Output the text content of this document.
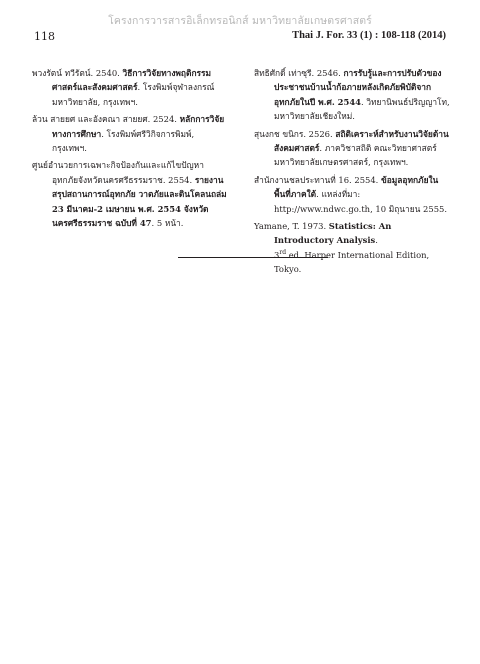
โครงการวารสารอิเล็กทรอนิกส์ มหาวิทยาลัยเกษตรศาสตร์
118	Thai J. For. 33 (1) : 108-118 (2014)

พวงรัตน์ ทวีรัตน์. 2540. วิธีการวิจัยทางพฤติกรรมศาสตร์และสังคมศาสตร์. โรงพิมพ์จุฬาลงกรณ์มหาวิทยาลัย, กรุงเทพฯ.

ล้วน สายยศ และอังคณา สายยศ. 2524. หลักการวิจัยทางการศึกษา. โรงพิมพ์ศรีวิกิจการพิมพ์, กรุงเทพฯ.

ศูนย์อำนวยการเฉพาะกิจป้องกันและแก้ไขปัญหาอุทกภัยจังหวัดนครศรีธรรมราช. 2554. รายงานสรุปสถานการณ์อุทกภัย วาตภัยและดินโคลนถล่ม 23 มีนาคม-2 เมษายน พ.ศ. 2554 จังหวัดนครศรีธรรมราช ฉบับที่ 47. 5 หน้า.

สิทธิศักดิ์ เท่าซุรี. 2546. การรับรู้และการปรับตัวของประชาชนบ้านน้ำก้อภายหลังเกิดภัยพิบัติจากอุทกภัยในปี พ.ศ. 2544. วิทยานิพนธ์ปริญญาโท, มหาวิทยาลัยเชียงใหม่.

สุนงกช ขนิกร. 2526. สถิติเคราะห์สำหรับงานวิจัยด้านสังคมศาสตร์. ภาควิชาสถิติ คณะวิทยาศาสตร์มหาวิทยาลัยเกษตรศาสตร์, กรุงเทพฯ.

สำนักงานชลประทานที่ 16. 2554. ข้อมูลอุทกภัยในพื้นที่ภาคใต้. แหล่งที่มา: http://www.ndwc.go.th, 10 มิถุนายน 2555.

Yamane, T. 1973. Statistics: An Introductory Analysis.
3rd ed. Harper International Edition, Tokyo.
